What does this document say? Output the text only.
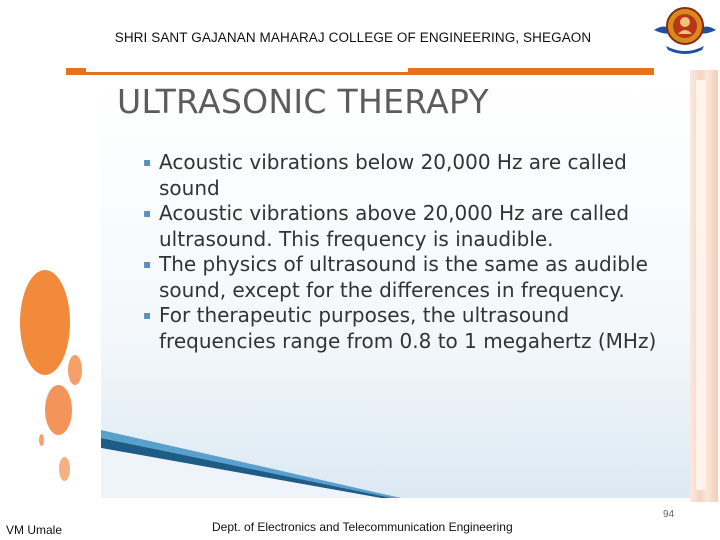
SHRI SANT GAJANAN MAHARAJ COLLEGE OF ENGINEERING, SHEGAON
ULTRASONIC THERAPY
▪ Acoustic vibrations below 20,000 Hz are called sound
▪ Acoustic vibrations above 20,000 Hz are called ultrasound. This frequency is inaudible.
▪ The physics of ultrasound is the same as audible sound, except for the differences in frequency.
▪ For therapeutic purposes, the ultrasound frequencies range from 0.8 to 1 megahertz (MHz)
VM Umale	Dept. of Electronics and Telecommunication Engineering
94
